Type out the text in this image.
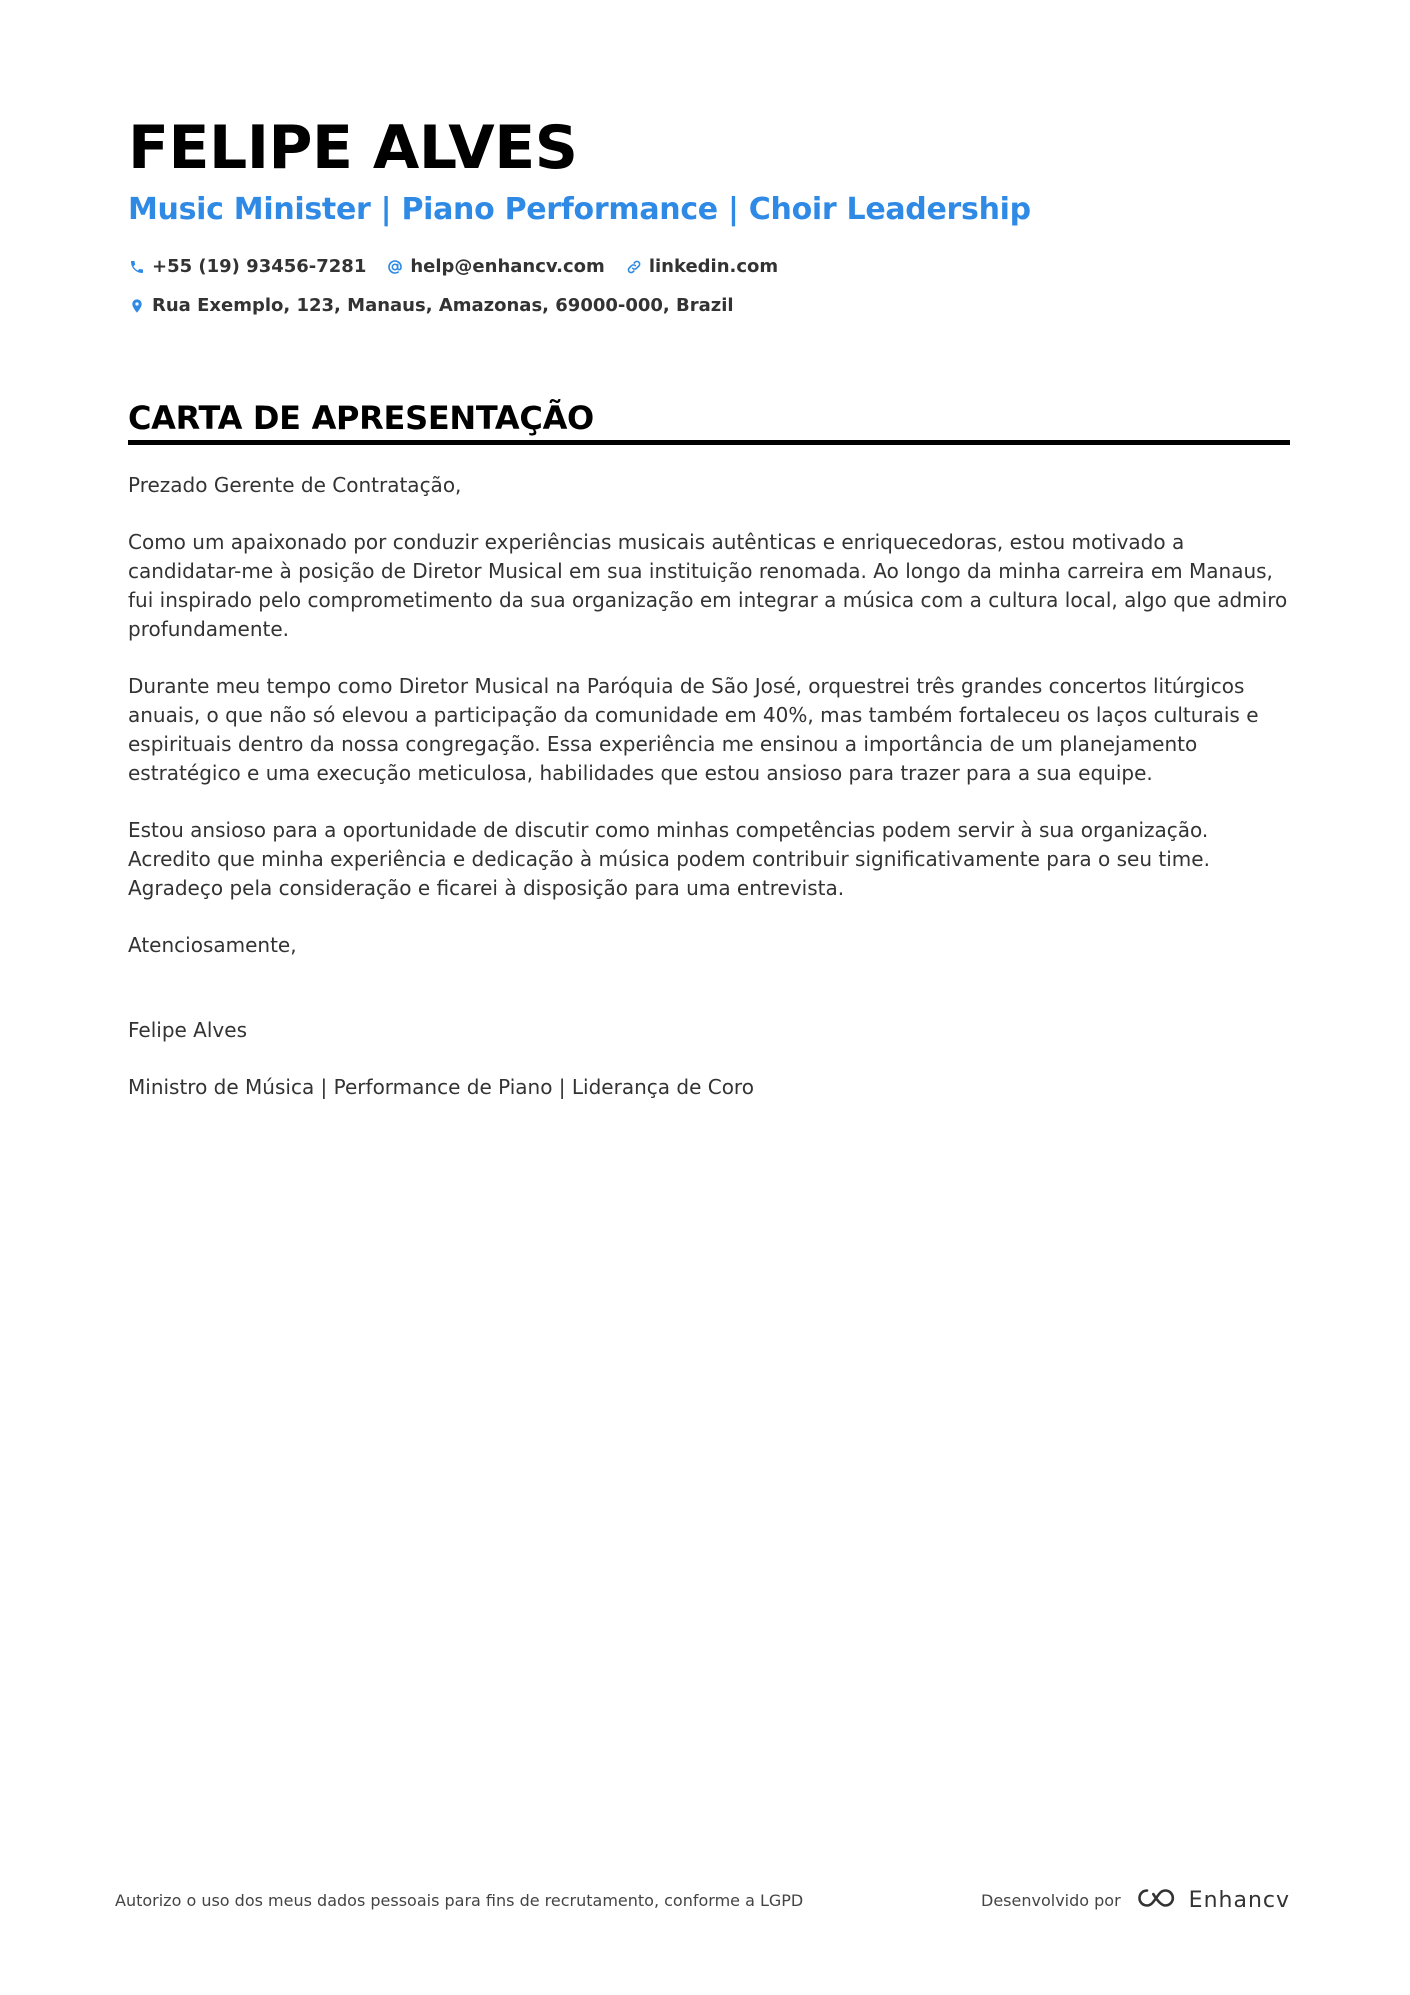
FELIPE ALVES
Music Minister | Piano Performance | Choir Leadership
+55 (19) 93456-7281 help@enhancv.com linkedin.com
Rua Exemplo, 123, Manaus, Amazonas, 69000-000, Brazil
CARTA DE APRESENTAÇÃO

Prezado Gerente de Contratação,

Como um apaixonado por conduzir experiências musicais autênticas e enriquecedoras, estou motivado a candidatar-me à posição de Diretor Musical em sua instituição renomada. Ao longo da minha carreira em Manaus, fui inspirado pelo comprometimento da sua organização em integrar a música com a cultura local, algo que admiro profundamente.

Durante meu tempo como Diretor Musical na Paróquia de São José, orquestrei três grandes concertos litúrgicos anuais, o que não só elevou a participação da comunidade em 40%, mas também fortaleceu os laços culturais e espirituais dentro da nossa congregação. Essa experiência me ensinou a importância de um planejamento estratégico e uma execução meticulosa, habilidades que estou ansioso para trazer para a sua equipe.

Estou ansioso para a oportunidade de discutir como minhas competências podem servir à sua organização. Acredito que minha experiência e dedicação à música podem contribuir significativamente para o seu time. Agradeço pela consideração e ficarei à disposição para uma entrevista.

Atenciosamente,

Felipe Alves

Ministro de Música | Performance de Piano | Liderança de Coro

Autorizo o uso dos meus dados pessoais para fins de recrutamento, conforme a LGPD	Desenvolvido por	Enhancv
